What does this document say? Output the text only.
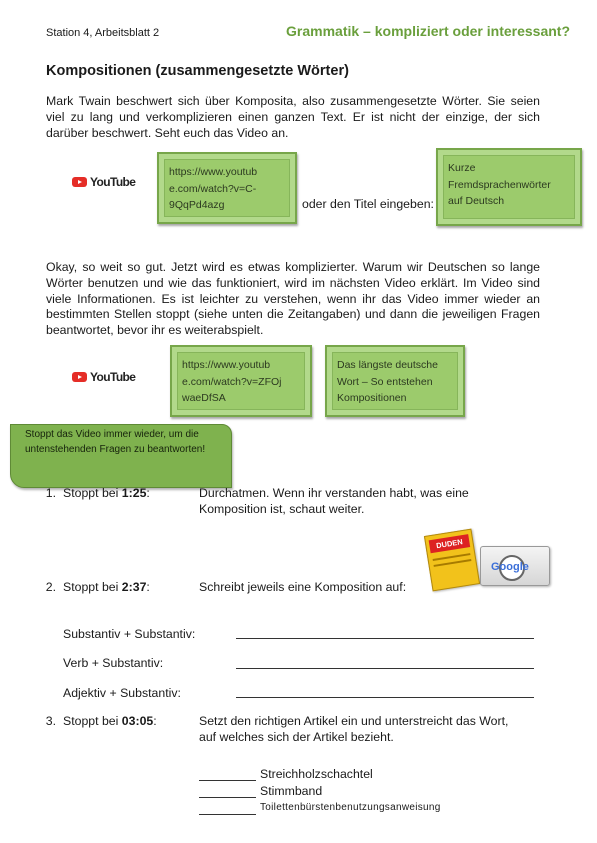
Station 4, Arbeitsblatt 2	Grammatik – kompliziert oder interessant?
Kompositionen (zusammengesetzte Wörter)
Mark Twain beschwert sich über Komposita, also zusammengesetzte Wörter. Sie seien viel zu lang und verkomplizieren einen ganzen Text. Er ist nicht der einzige, der sich darüber beschwert. Seht euch das Video an.
YouTube
https://www.youtub
e.com/watch?v=C-
9QqPd4azg	oder den Titel eingeben:
Kurze
Fremdsprachenwörter
auf Deutsch
Okay, so weit so gut. Jetzt wird es etwas komplizierter. Warum wir Deutschen so lange Wörter benutzen und wie das funktioniert, wird im nächsten Video erklärt. Im Video sind viele Informationen. Es ist leichter zu verstehen, wenn ihr das Video immer wieder an bestimmten Stellen stoppt (siehe unten die Zeitangaben) und dann die jeweiligen Fragen beantwortet, bevor ihr es weiterabspielt.
YouTube
https://www.youtub
e.com/watch?v=ZFOj
waeDfSA
Das längste deutsche
Wort – So entstehen
Kompositionen
Stoppt das Video immer wieder, um die untenstehenden Fragen zu beantworten!
1. Stoppt bei 1:25:	Durchatmen. Wenn ihr verstanden habt, was eine Komposition ist, schaut weiter.
DUDEN
Google
2. Stoppt bei 2:37:	Schreibt jeweils eine Komposition auf:
Substantiv + Substantiv:
Verb + Substantiv:
Adjektiv + Substantiv:
3. Stoppt bei 03:05:	Setzt den richtigen Artikel ein und unterstreicht das Wort, auf welches sich der Artikel bezieht.
Streichholzschachtel
Stimmband
Toilettenbürstenbenutzungsanweisung
